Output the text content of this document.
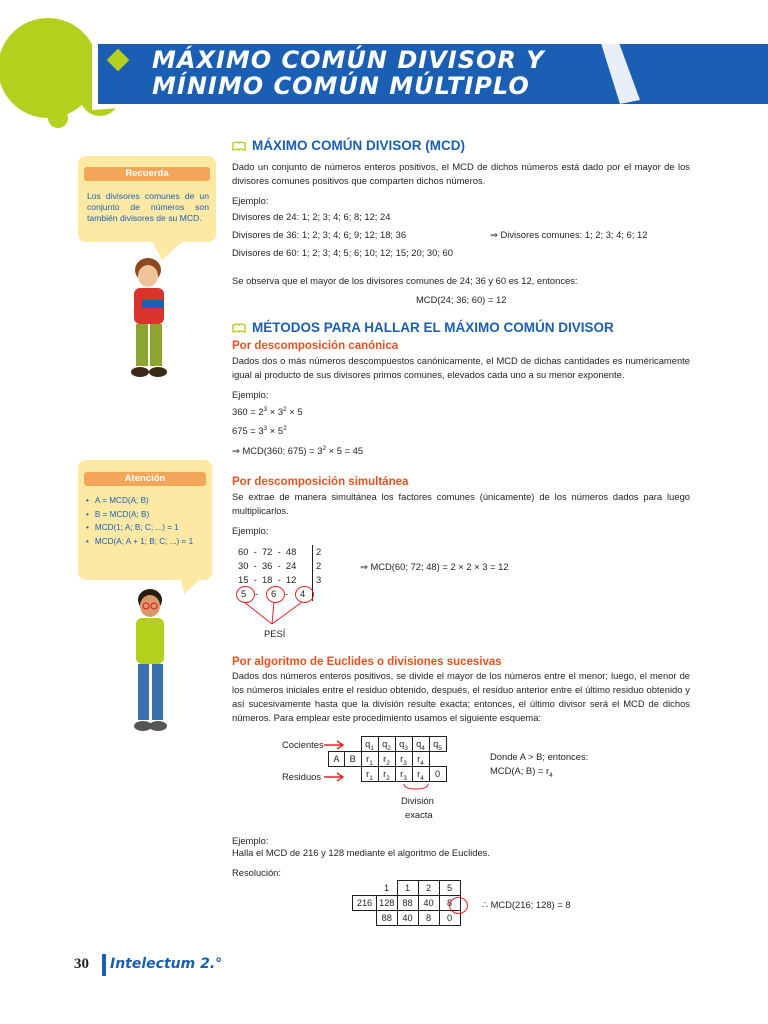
MÁXIMO COMÚN DIVISOR Y
MÍNIMO COMÚN MÚLTIPLO
Recuerda
Los divisores comunes de un conjunto de números son también divisores de su MCD.
Atención
• A = MCD(A; B)
• B = MCD(A; B)
• MCD(1; A; B; C; ...) = 1
• MCD(A; A + 1; B; C; ...) = 1
MÁXIMO COMÚN DIVISOR (MCD)
Dado un conjunto de números enteros positivos, el MCD de dichos números está dado por el mayor de los divisores comunes positivos que comparten dichos números.
Ejemplo:
Divisores de 24: 1; 2; 3; 4; 6; 8; 12; 24
Divisores de 36: 1; 2; 3; 4; 6; 9; 12; 18; 36	⇒ Divisores comunes: 1; 2; 3; 4; 6; 12
Divisores de 60: 1; 2; 3; 4; 5; 6; 10; 12; 15; 20; 30; 60
Se observa que el mayor de los divisores comunes de 24; 36 y 60 es 12, entonces:
MCD(24; 36; 60) = 12
MÉTODOS PARA HALLAR EL MÁXIMO COMÚN DIVISOR
Por descomposición canónica
Dados dos o más números descompuestos canónicamente, el MCD de dichas cantidades es numéricamente igual al producto de sus divisores primos comunes, elevados cada uno a su menor exponente.
Ejemplo:
$360 = 2^3 \times 3^2 \times 5$
$675 = 3^3 \times 5^2$
⇒ MCD(360; $675) = 3^2 \times 5 = 45$
Por descomposición simultánea
Se extrae de manera simultánea los factores comunes (únicamente) de los números dados para luego multiplicarlos.
Ejemplo:
60  -  72  -  48 2
30  -  36  -  24 2
15  -  18  -  12 3
5 - 6 - 4
PESÍ
⇒ MCD(60; 72; 48) = 2 × 2 × 3 = 12
Por algoritmo de Euclides o divisiones sucesivas
Dados dos números enteros positivos, se divide el mayor de los números entre el menor; luego, el menor de los números iniciales entre el residuo obtenido, después, el residuo anterior entre el último residuo obtenido y así sucesivamente hasta que la división resulte exacta; entonces, el último divisor será el MCD de dichos números. Para emplear este procedimiento usamos el siguiente esquema:
Cocientes
Residuos
		$q_1$	$q_2$	$q_3$	$q_4$	$q_5$
A	B	$r_1$	$r_2$	$r_3$	$r_4$	
		$r_1$	$r_2$	$r_3$	$r_4$	0
División
exacta
Donde A > B; entonces:
MCD(A; $B) = r_4$
Ejemplo:
Halla el MCD de 216 y 128 mediante el algoritmo de Euclides.
Resolución:
	1	1	2	5
216	128	88	40	8
	88	40	8	0
∴ MCD(216; 128) = 8
30 Intelectum 2.°
